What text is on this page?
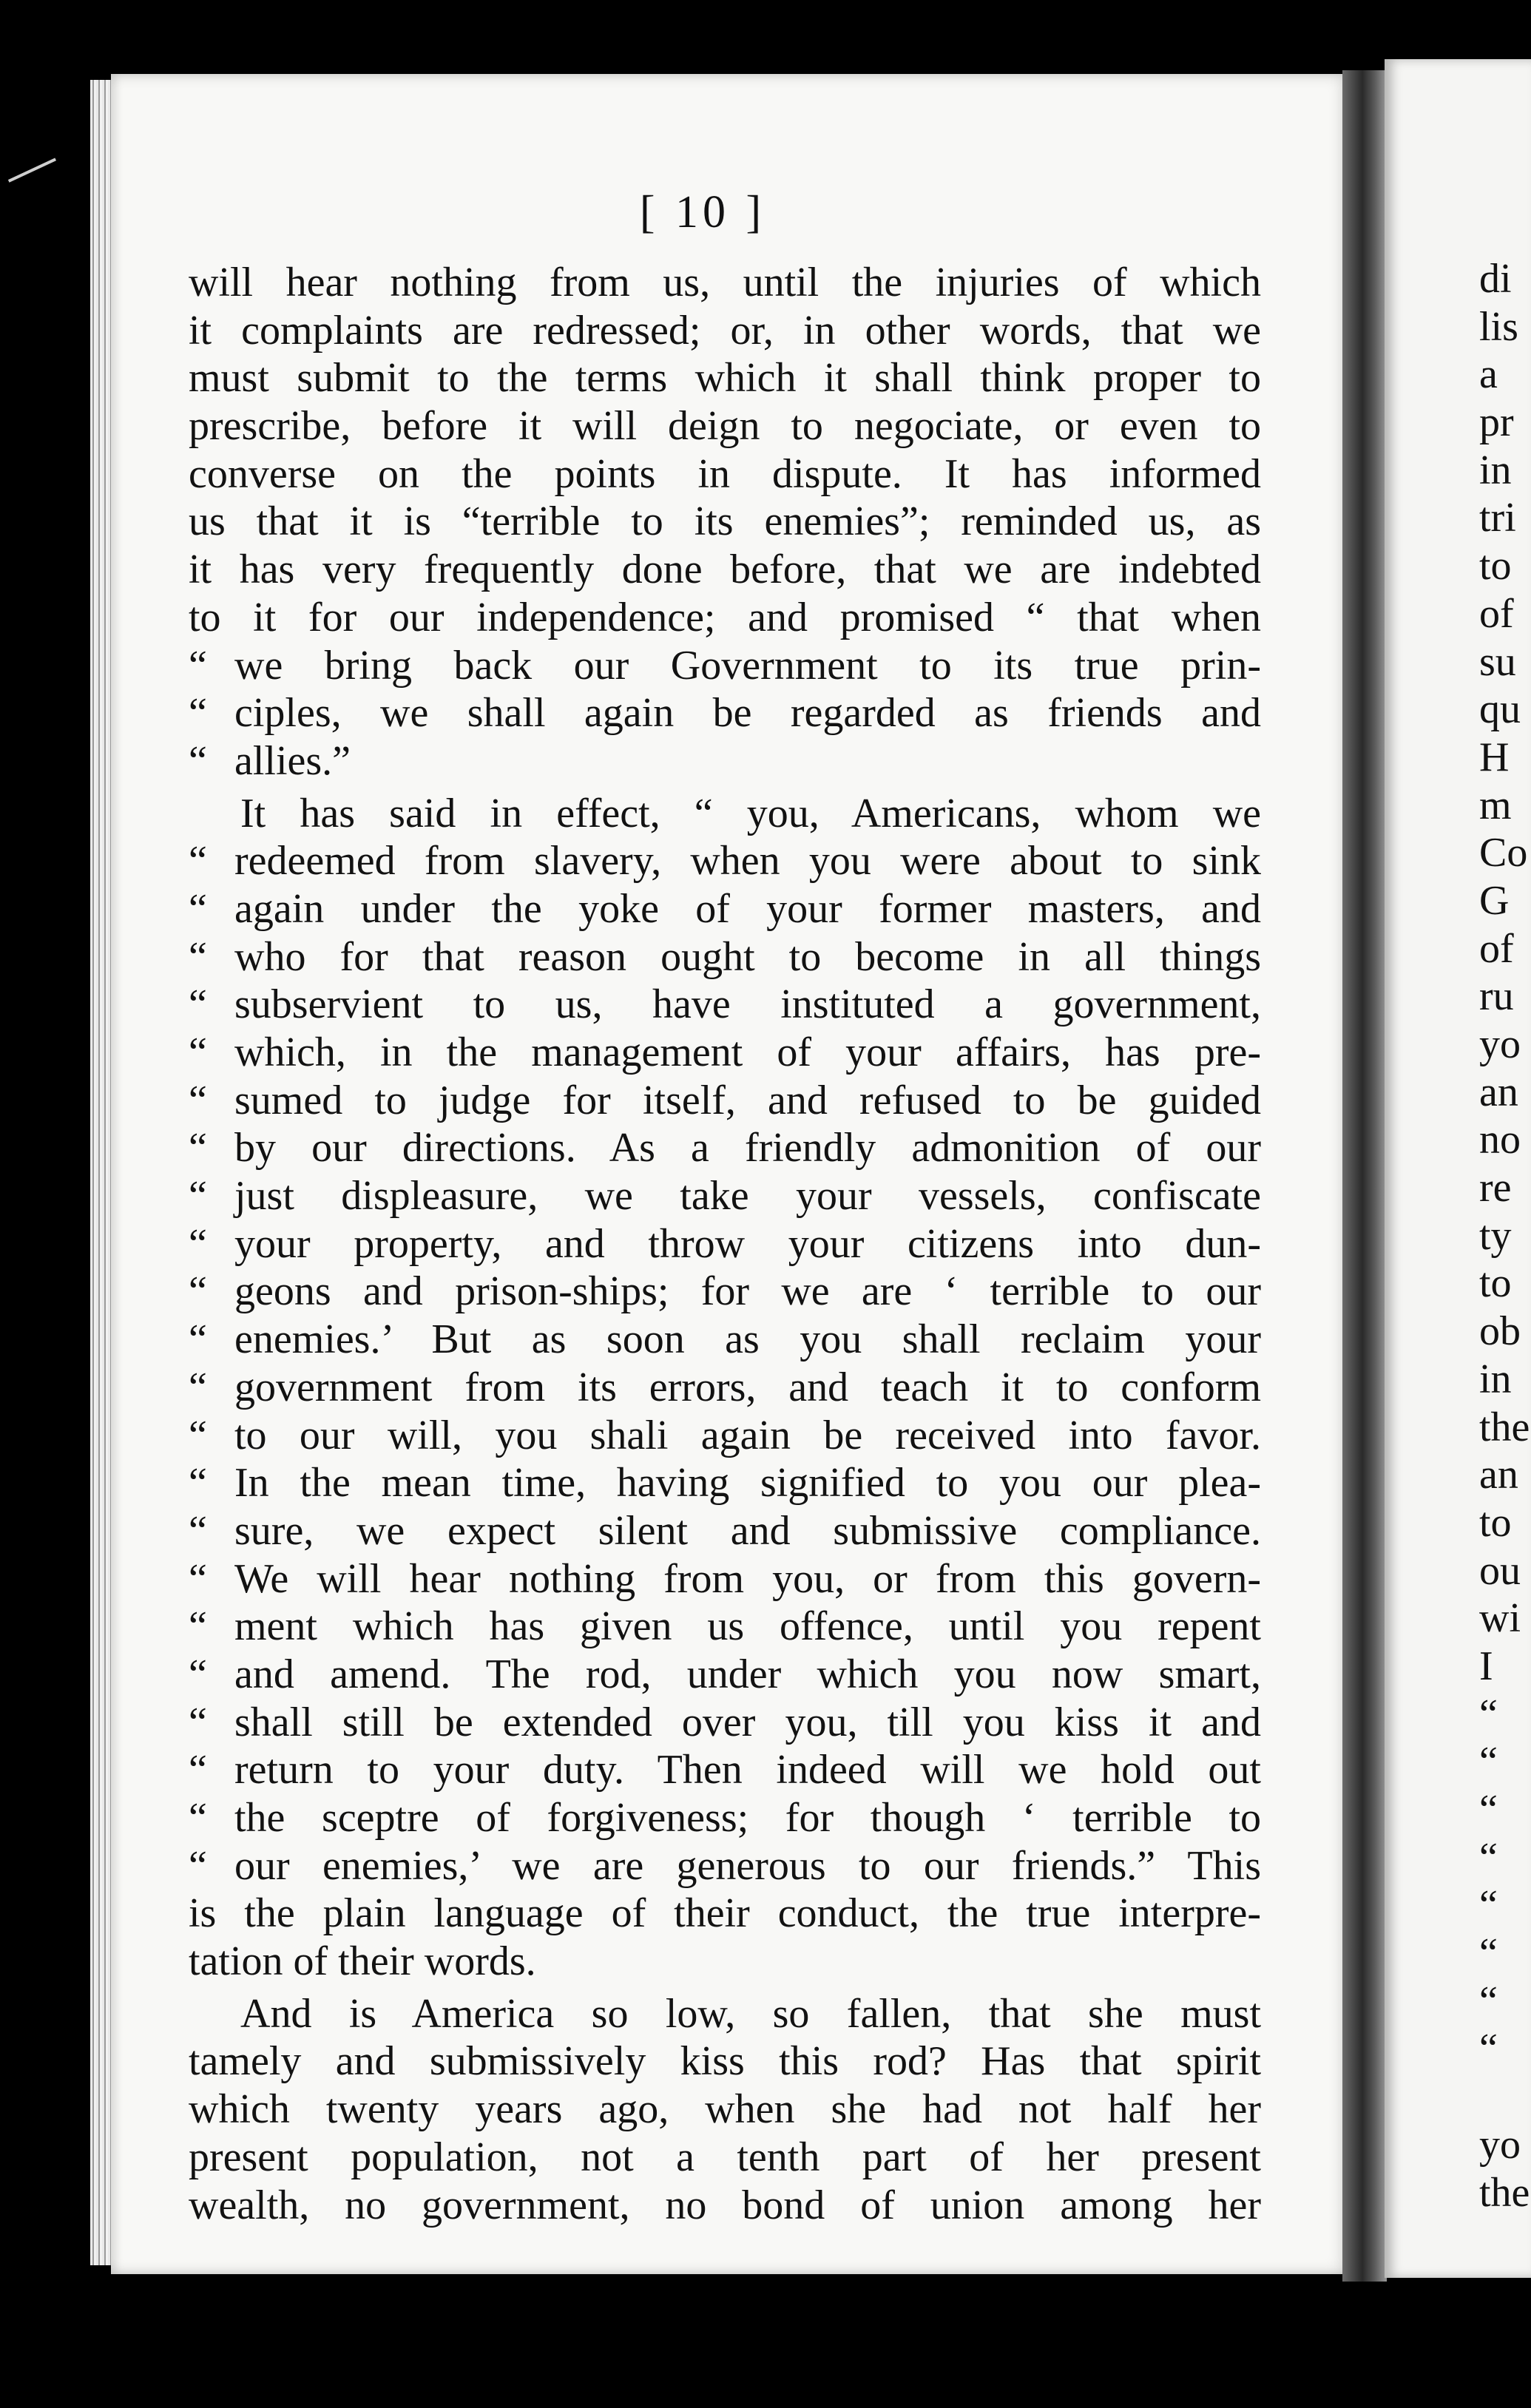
[ 10 ]
will hear nothing from us, until the injuries of which
it complaints are redressed; or, in other words, that we
must submit to the terms which it shall think proper to
prescribe, before it will deign to negociate, or even to
converse on the points in dispute. It has informed
us that it is “terrible to its enemies”; reminded us, as
it has very frequently done before, that we are indebted
to it for our independence; and promised “ that when
“ we bring back our Government to its true prin-
“ ciples, we shall again be regarded as friends and
“ allies.”
It has said in effect, “ you, Americans, whom we
“ redeemed from slavery, when you were about to sink
“ again under the yoke of your former masters, and
“ who for that reason ought to become in all things
“ subservient to us, have instituted a government,
“ which, in the management of your affairs, has pre-
“ sumed to judge for itself, and refused to be guided
“ by our directions. As a friendly admonition of our
“ just displeasure, we take your vessels, confiscate
“ your property, and throw your citizens into dun-
“ geons and prison-ships; for we are ‘ terrible to our
“ enemies.’ But as soon as you shall reclaim your
“ government from its errors, and teach it to conform
“ to our will, you shali again be received into favor.
“ In the mean time, having signified to you our plea-
“ sure, we expect silent and submissive compliance.
“ We will hear nothing from you, or from this govern-
“ ment which has given us offence, until you repent
“ and amend. The rod, under which you now smart,
“ shall still be extended over you, till you kiss it and
“ return to your duty. Then indeed will we hold out
“ the sceptre of forgiveness; for though ‘ terrible to
“ our enemies,’ we are generous to our friends.” This
is the plain language of their conduct, the true interpre-
tation of their words.
And is America so low, so fallen, that she must
tamely and submissively kiss this rod? Has that spirit
which twenty years ago, when she had not half her
present population, not a tenth part of her present
wealth, no government, no bond of union among her
di
lis
a
pr
in
tri
to
of
su
qu
H
m
Co
G
of
ru
yo
an
no
re
ty
to
ob
in
the
an
to
ou
wi
I
“
“
“
“
“
“
“
“
yo
the
